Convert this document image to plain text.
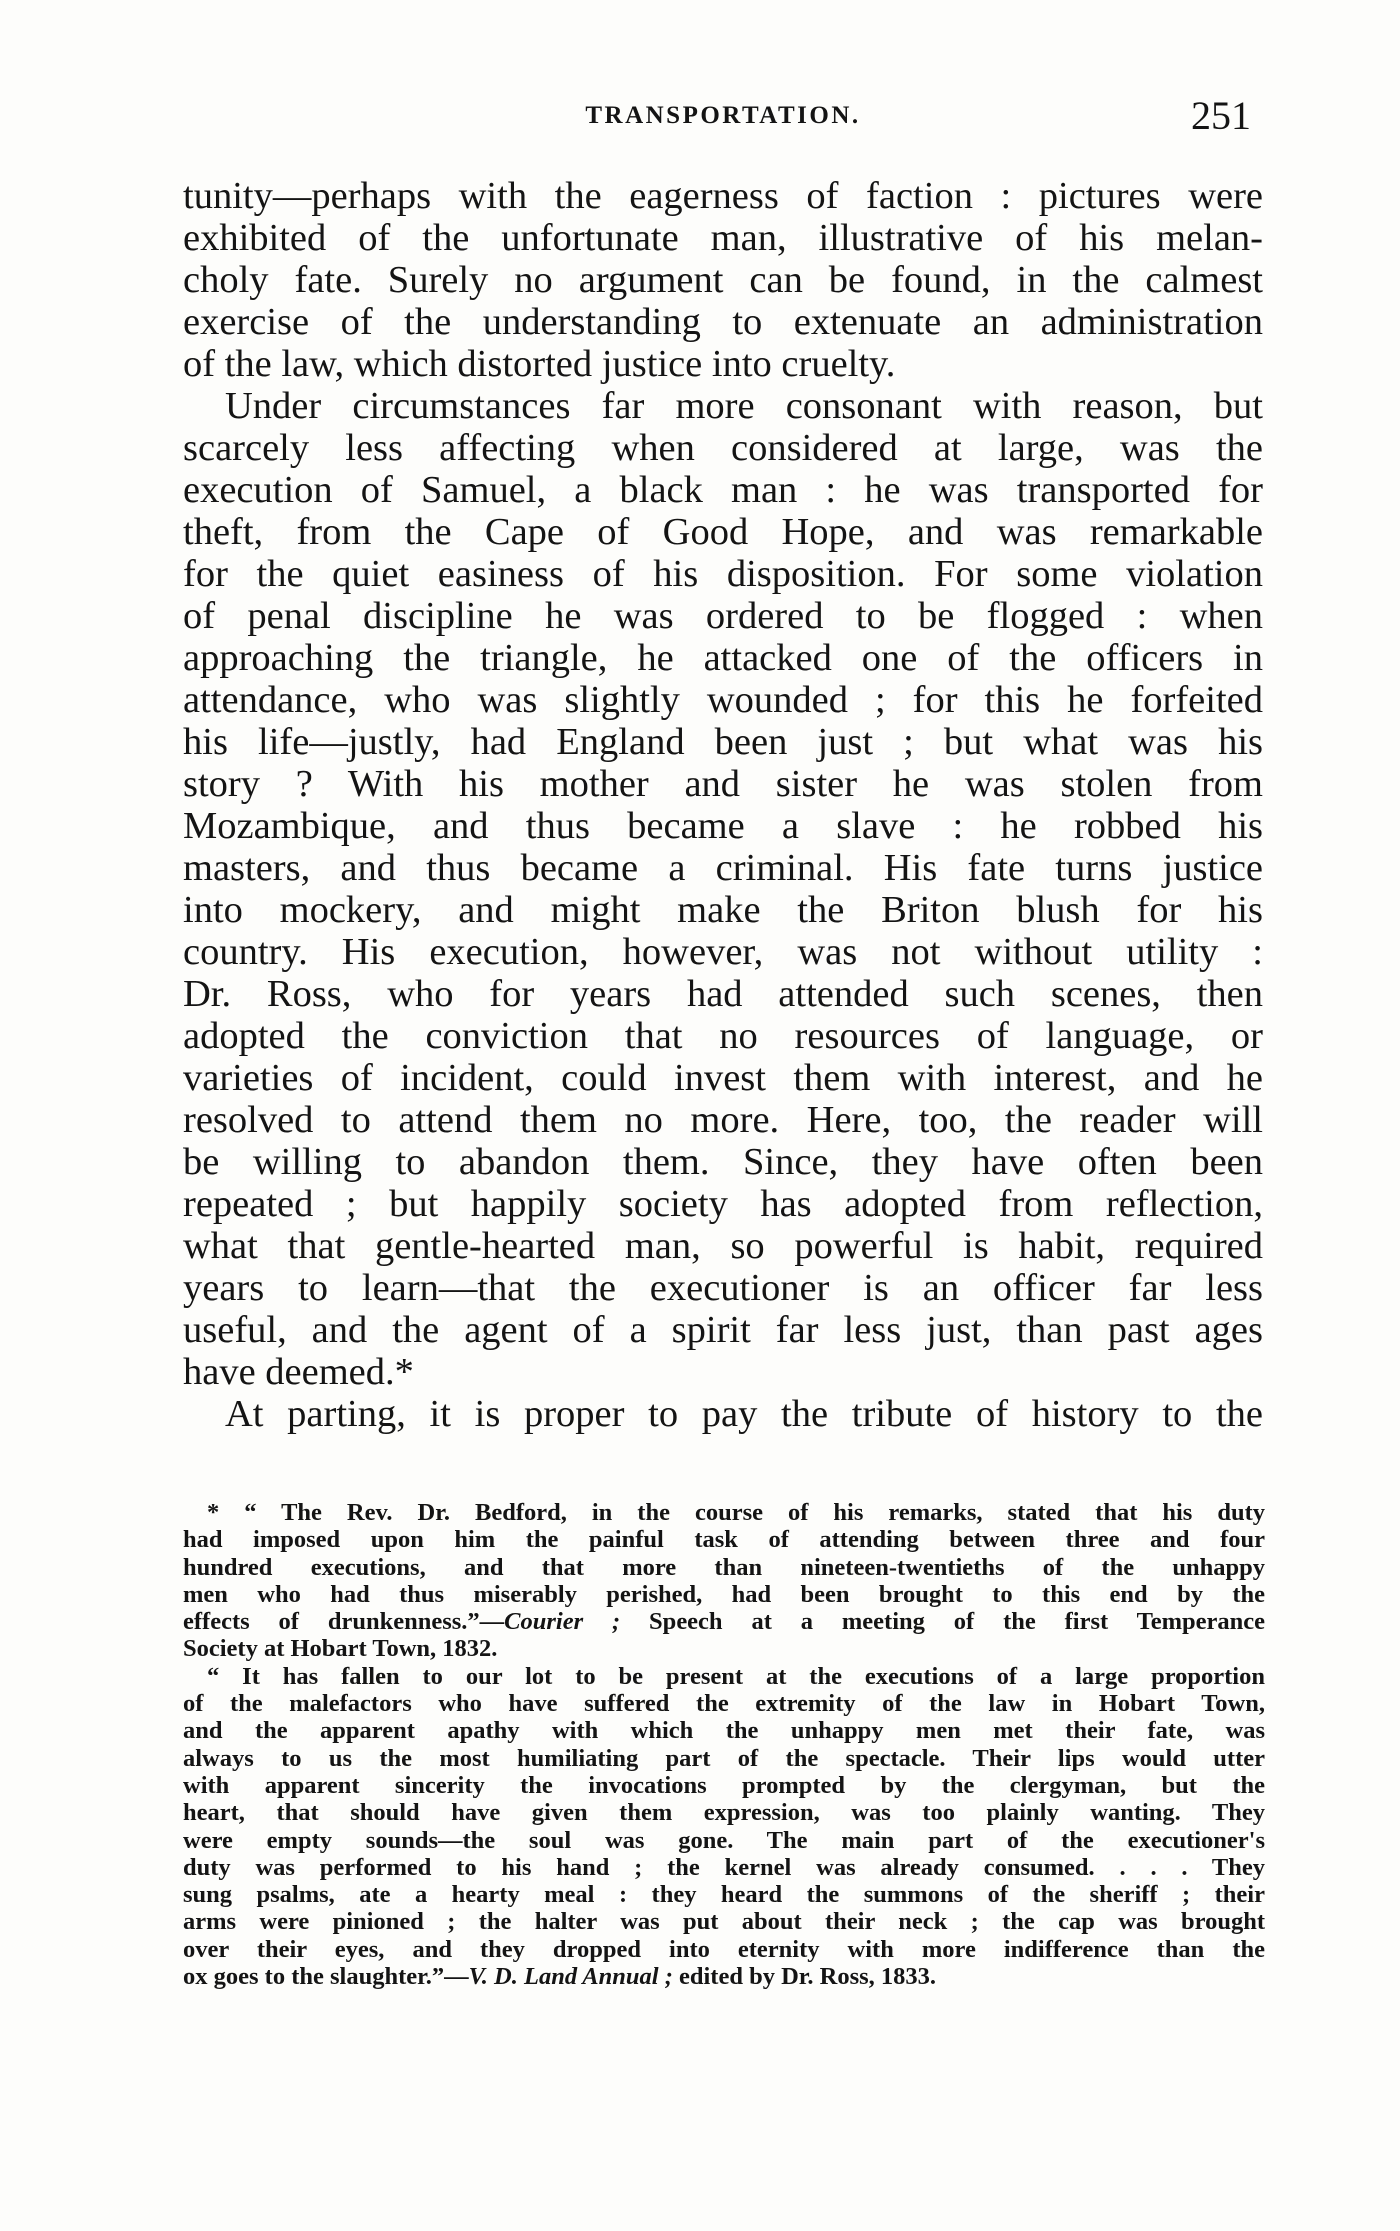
TRANSPORTATION.	251
tunity—perhaps with the eagerness of faction : pictures were
exhibited of the unfortunate man, illustrative of his melan-
choly fate. Surely no argument can be found, in the calmest
exercise of the understanding to extenuate an administration
of the law, which distorted justice into cruelty.
Under circumstances far more consonant with reason, but
scarcely less affecting when considered at large, was the
execution of Samuel, a black man : he was transported for
theft, from the Cape of Good Hope, and was remarkable
for the quiet easiness of his disposition. For some violation
of penal discipline he was ordered to be flogged : when
approaching the triangle, he attacked one of the officers in
attendance, who was slightly wounded ; for this he forfeited
his life—justly, had England been just ; but what was his
story ? With his mother and sister he was stolen from
Mozambique, and thus became a slave : he robbed his
masters, and thus became a criminal. His fate turns justice
into mockery, and might make the Briton blush for his
country. His execution, however, was not without utility :
Dr. Ross, who for years had attended such scenes, then
adopted the conviction that no resources of language, or
varieties of incident, could invest them with interest, and he
resolved to attend them no more. Here, too, the reader will
be willing to abandon them. Since, they have often been
repeated ; but happily society has adopted from reflection,
what that gentle-hearted man, so powerful is habit, required
years to learn—that the executioner is an officer far less
useful, and the agent of a spirit far less just, than past ages
have deemed.*
At parting, it is proper to pay the tribute of history to the
* “ The Rev. Dr. Bedford, in the course of his remarks, stated that his duty
had imposed upon him the painful task of attending between three and four
hundred executions, and that more than nineteen-twentieths of the unhappy
men who had thus miserably perished, had been brought to this end by the
effects of drunkenness.”—Courier ; Speech at a meeting of the first Temperance
Society at Hobart Town, 1832.
“ It has fallen to our lot to be present at the executions of a large proportion
of the malefactors who have suffered the extremity of the law in Hobart Town,
and the apparent apathy with which the unhappy men met their fate, was
always to us the most humiliating part of the spectacle. Their lips would utter
with apparent sincerity the invocations prompted by the clergyman, but the
heart, that should have given them expression, was too plainly wanting. They
were empty sounds—the soul was gone. The main part of the executioner's
duty was performed to his hand ; the kernel was already consumed. . . . They
sung psalms, ate a hearty meal : they heard the summons of the sheriff ; their
arms were pinioned ; the halter was put about their neck ; the cap was brought
over their eyes, and they dropped into eternity with more indifference than the
ox goes to the slaughter.”—V. D. Land Annual ; edited by Dr. Ross, 1833.
